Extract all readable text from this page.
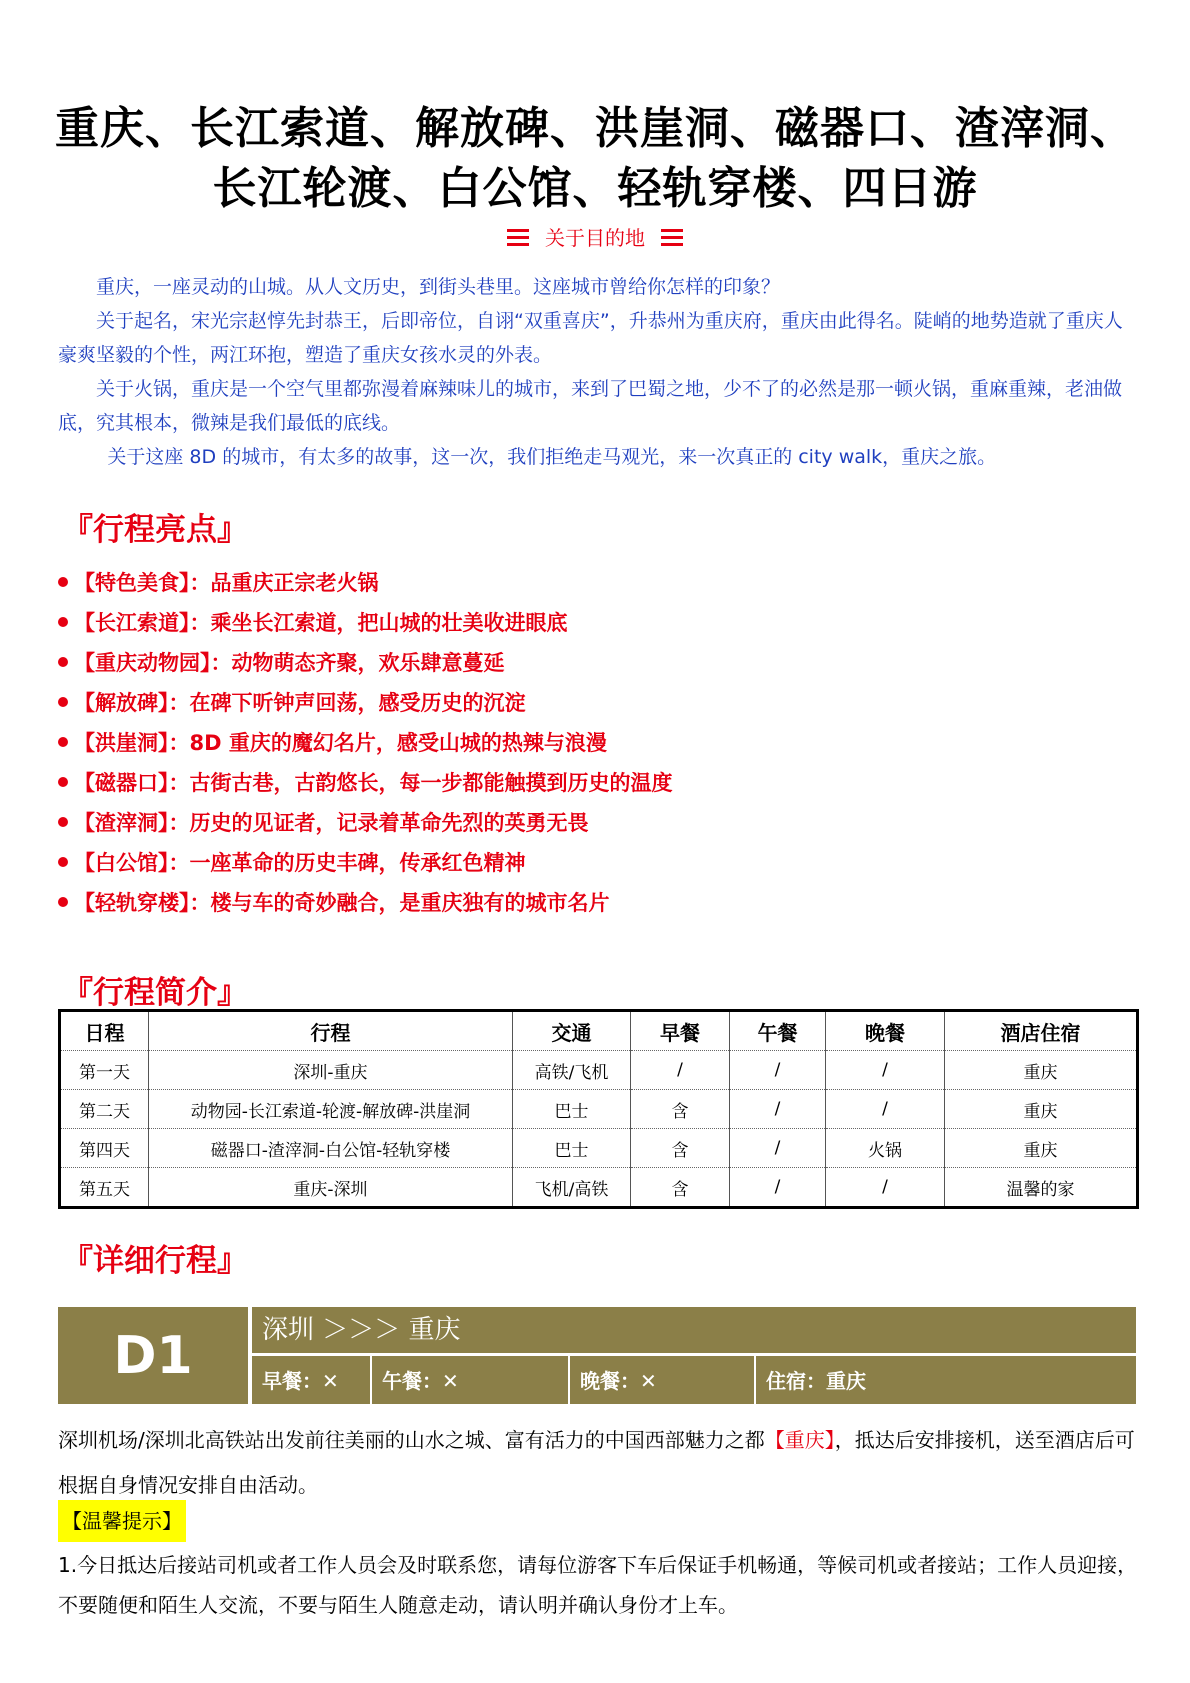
重庆、长江索道、解放碑、洪崖洞、磁器口、渣滓洞、
长江轮渡、白公馆、轻轨穿楼、四日游
关于目的地

重庆，一座灵动的山城。从人文历史，到街头巷里。这座城市曾给你怎样的印象？

关于起名，宋光宗赵惇先封恭王，后即帝位，自诩“双重喜庆”，升恭州为重庆府，重庆由此得名。陡峭的地势造就了重庆人豪爽坚毅的个性，两江环抱，塑造了重庆女孩水灵的外表。

关于火锅，重庆是一个空气里都弥漫着麻辣味儿的城市，来到了巴蜀之地，少不了的必然是那一顿火锅，重麻重辣，老油做底，究其根本，微辣是我们最低的底线。

关于这座 8D 的城市，有太多的故事，这一次，我们拒绝走马观光，来一次真正的 city walk，重庆之旅。

『行程亮点』
【特色美食】：品重庆正宗老火锅
【长江索道】：乘坐长江索道，把山城的壮美收进眼底
【重庆动物园】：动物萌态齐聚，欢乐肆意蔓延
【解放碑】：在碑下听钟声回荡，感受历史的沉淀
【洪崖洞】：8D 重庆的魔幻名片，感受山城的热辣与浪漫
【磁器口】：古街古巷，古韵悠长，每一步都能触摸到历史的温度
【渣滓洞】：历史的见证者，记录着革命先烈的英勇无畏
【白公馆】：一座革命的历史丰碑，传承红色精神
【轻轨穿楼】：楼与车的奇妙融合，是重庆独有的城市名片
『行程简介』
日程	行程	交通	早餐	午餐	晚餐	酒店住宿
第一天	深圳-重庆	高铁/飞机	/	/	/	重庆
第二天	动物园-长江索道-轮渡-解放碑-洪崖洞	巴士	含	/	/	重庆
第四天	磁器口-渣滓洞-白公馆-轻轨穿楼	巴士	含	/	火锅	重庆
第五天	重庆-深圳	飞机/高铁	含	/	/	温馨的家
『详细行程』
D1	深圳 ＞＞＞ 重庆
早餐：✕	午餐：✕	晚餐：✕	住宿：重庆
深圳机场/深圳北高铁站出发前往美丽的山水之城、富有活力的中国西部魅力之都【重庆】，抵达后安排接机，送至酒店后可根据自身情况安排自由活动。
【温馨提示】
1.今日抵达后接站司机或者工作人员会及时联系您，请每位游客下车后保证手机畅通，等候司机或者接站；工作人员迎接，不要随便和陌生人交流，不要与陌生人随意走动，请认明并确认身份才上车。
